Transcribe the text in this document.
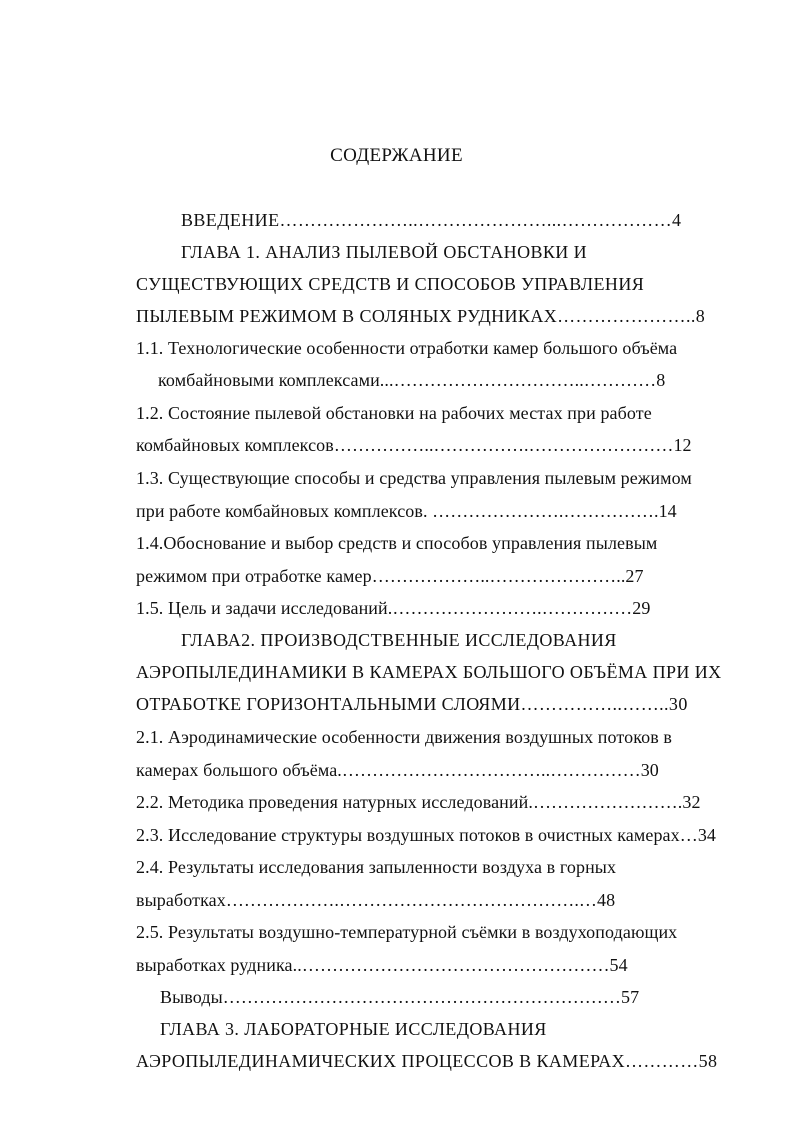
СОДЕРЖАНИЕ
ВВЕДЕНИЕ…………………..…………………...………………4
ГЛАВА 1. АНАЛИЗ ПЫЛЕВОЙ ОБСТАНОВКИ И
СУЩЕСТВУЮЩИХ СРЕДСТВ И СПОСОБОВ УПРАВЛЕНИЯ
ПЫЛЕВЫМ РЕЖИМОМ В СОЛЯНЫХ РУДНИКАХ…………………..8
1.1. Технологические особенности отработки камер большого объёма
комбайновыми комплексами...…………………………..…………8
1.2. Состояние пылевой обстановки на рабочих местах при работе
комбайновых комплексов……………..…………….……………………12
1.3. Существующие способы и средства управления пылевым режимом
при работе комбайновых комплексов. ………………….…………….14
1.4.Обоснование и выбор средств и способов управления пылевым
режимом при отработке камер………………..…………………..27
1.5. Цель и задачи исследований.…………………….……………29
ГЛАВА2. ПРОИЗВОДСТВЕННЫЕ ИССЛЕДОВАНИЯ
АЭРОПЫЛЕДИНАМИКИ В КАМЕРАХ БОЛЬШОГО ОБЪЁМА ПРИ ИХ
ОТРАБОТКЕ ГОРИЗОНТАЛЬНЫМИ СЛОЯМИ……………..……..30
2.1. Аэродинамические особенности движения воздушных потоков в
камерах большого объёма.……………………………..……………30
2.2. Методика проведения натурных исследований.…………………….32
2.3. Исследование структуры воздушных потоков в очистных камерах…34
2.4. Результаты исследования запыленности воздуха в горных
выработках……………….………………………………….…48
2.5. Результаты воздушно-температурной съёмки в воздухоподающих
выработках рудника..……………………………………………54
Выводы…………………………………………………………57
ГЛАВА 3. ЛАБОРАТОРНЫЕ ИССЛЕДОВАНИЯ
АЭРОПЫЛЕДИНАМИЧЕСКИХ ПРОЦЕССОВ В КАМЕРАХ…………58
